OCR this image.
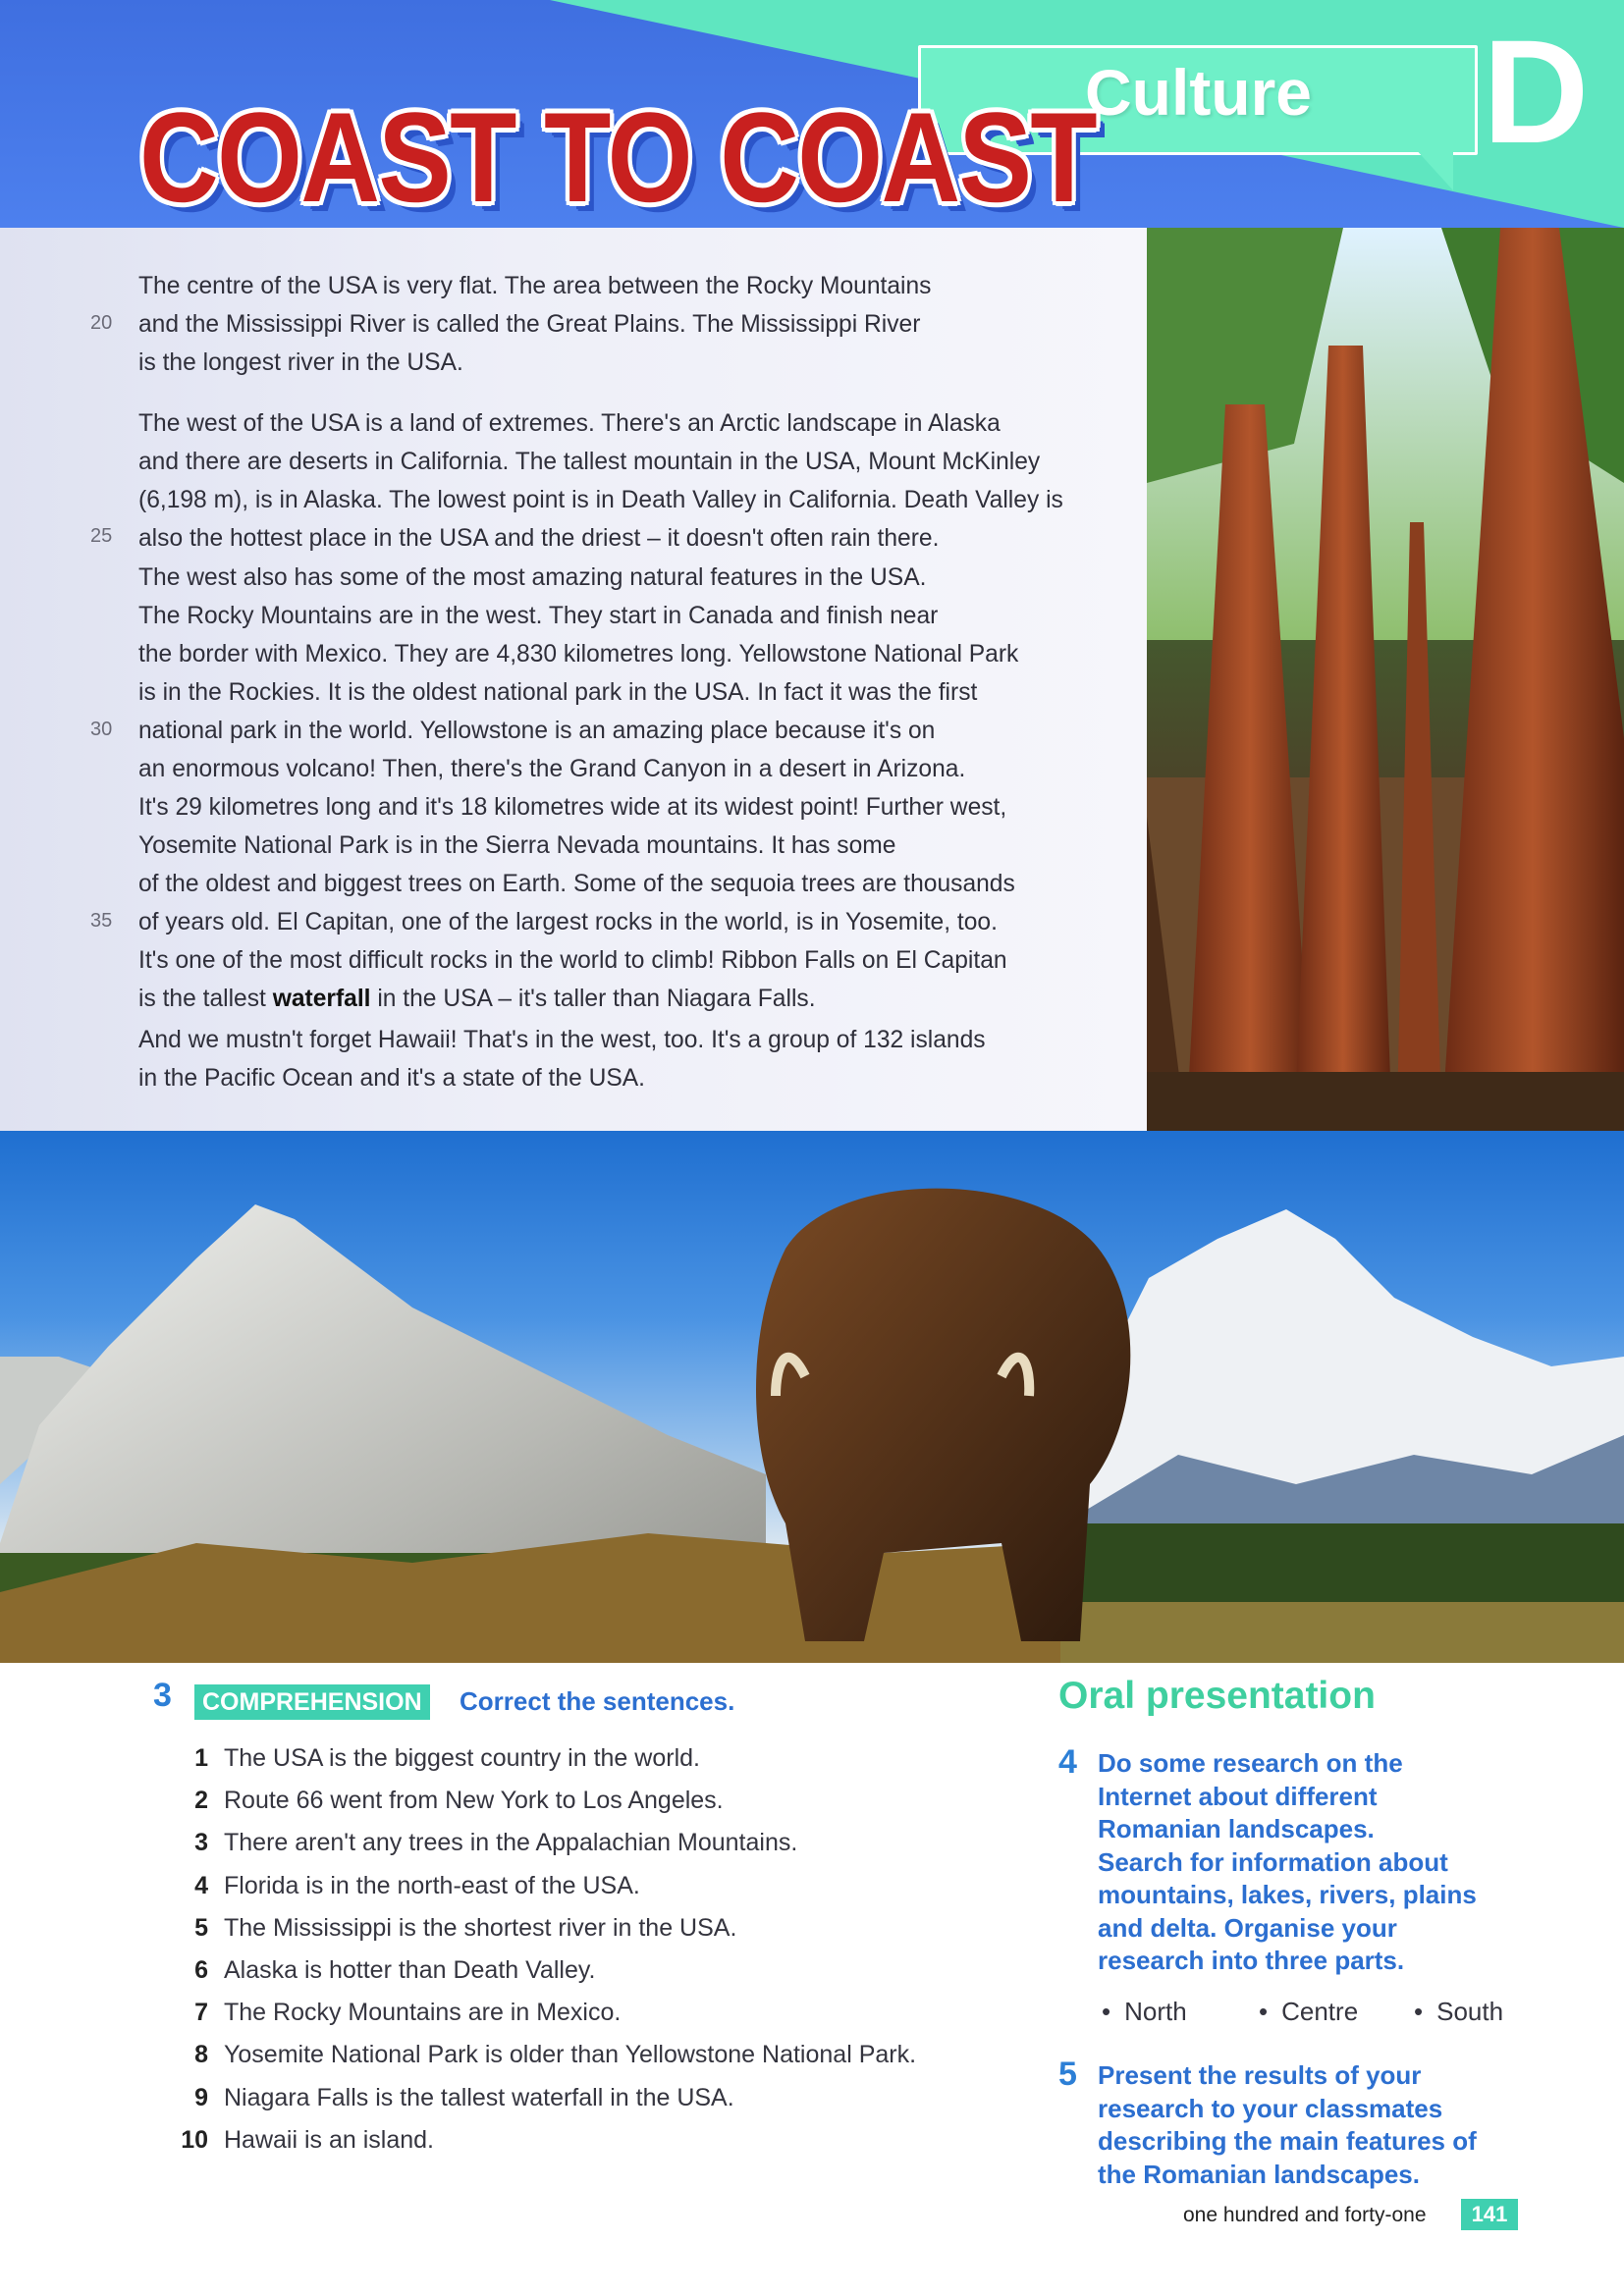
Culture D
COAST TO COAST
The centre of the USA is very flat. The area between the Rocky Mountains
and the Mississippi River is called the Great Plains. The Mississippi River
is the longest river in the USA.
The west of the USA is a land of extremes. There's an Arctic landscape in Alaska
and there are deserts in California. The tallest mountain in the USA, Mount McKinley
(6,198 m), is in Alaska. The lowest point is in Death Valley in California. Death Valley is
also the hottest place in the USA and the driest – it doesn't often rain there.
The west also has some of the most amazing natural features in the USA.
The Rocky Mountains are in the west. They start in Canada and finish near
the border with Mexico. They are 4,830 kilometres long. Yellowstone National Park
is in the Rockies. It is the oldest national park in the USA. In fact it was the first
national park in the world. Yellowstone is an amazing place because it's on
an enormous volcano! Then, there's the Grand Canyon in a desert in Arizona.
It's 29 kilometres long and it's 18 kilometres wide at its widest point! Further west,
Yosemite National Park is in the Sierra Nevada mountains. It has some
of the oldest and biggest trees on Earth. Some of the sequoia trees are thousands
of years old. El Capitan, one of the largest rocks in the world, is in Yosemite, too.
It's one of the most difficult rocks in the world to climb! Ribbon Falls on El Capitan
is the tallest waterfall in the USA – it's taller than Niagara Falls.
And we mustn't forget Hawaii! That's in the west, too. It's a group of 132 islands
in the Pacific Ocean and it's a state of the USA.
20
25
30
35
3	COMPREHENSION	Correct the sentences.
1 The USA is the biggest country in the world.
2 Route 66 went from New York to Los Angeles.
3 There aren't any trees in the Appalachian Mountains.
4 Florida is in the north-east of the USA.
5 The Mississippi is the shortest river in the USA.
6 Alaska is hotter than Death Valley.
7 The Rocky Mountains are in Mexico.
8 Yosemite National Park is older than Yellowstone National Park.
9 Niagara Falls is the tallest waterfall in the USA.
10 Hawaii is an island.
Oral presentation
4 Do some research on the
Internet about different
Romanian landscapes.
Search for information about
mountains, lakes, rivers, plains
and delta. Organise your
research into three parts.
• North	• Centre	• South
5 Present the results of your
research to your classmates
describing the main features of
the Romanian landscapes.
one hundred and forty-one	141
